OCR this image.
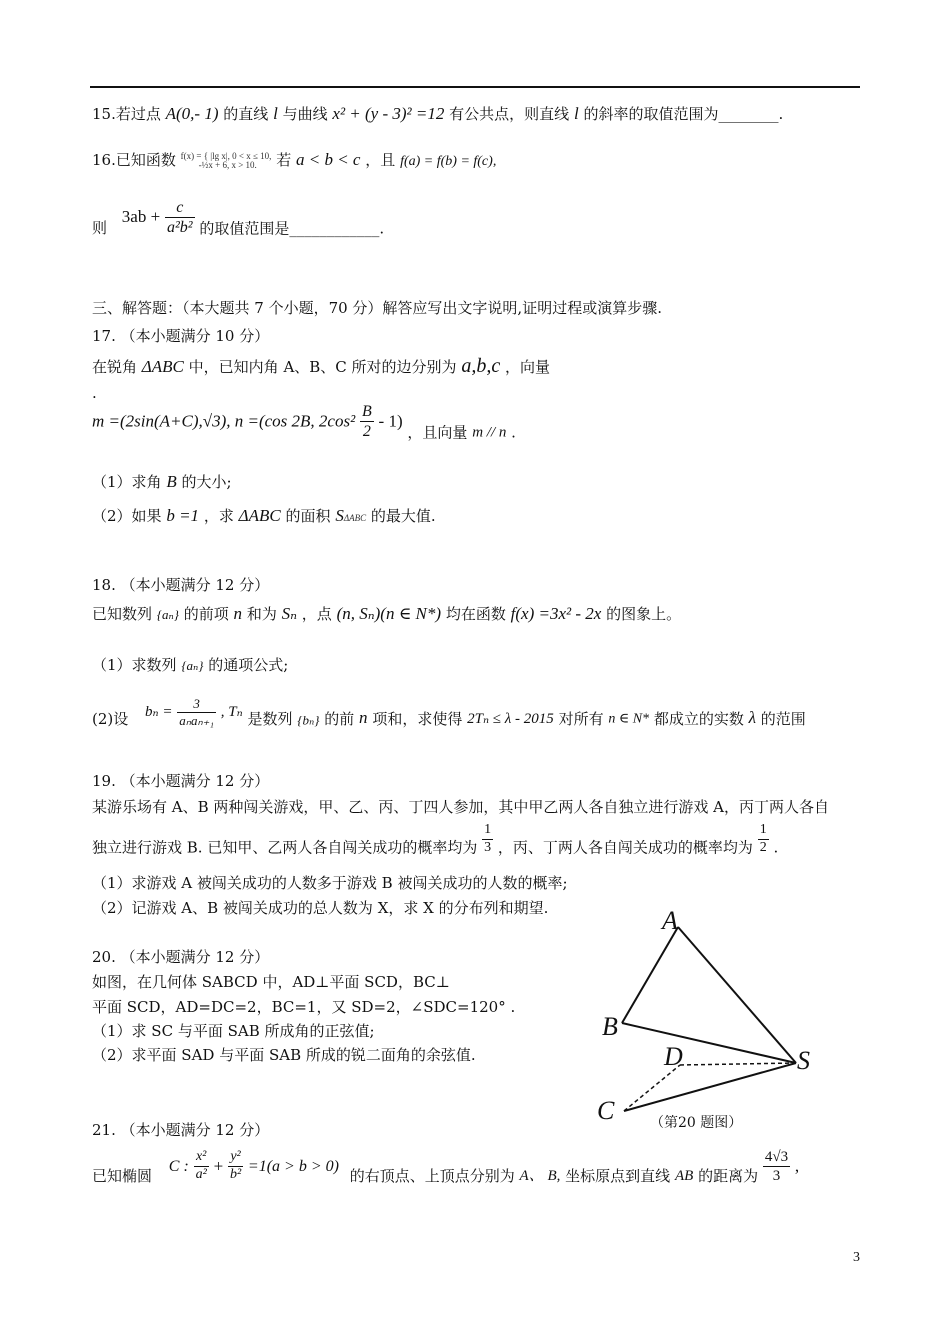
15.若过点 A(0,- 1) 的直线 l 与曲线 x² + (y - 3)² =12 有公共点，则直线 l 的斜率的取值范围为________.
16.已知函数 f(x) = { |lg x|, 0 < x ≤ 10,
-½x + 6, x > 10.	若 a < b < c ，且 f(a) = f(b) = f(c),
则 $3ab + \frac{c}{\text{a²b²}}$ 的取值范围是____________.
三、解答题：（本大题共 7 个小题，70 分）解答应写出文字说明,证明过程或演算步骤.
17. （本小题满分 10 分）
在锐角 ΔABC 中，已知内角 A、B、C 所对的边分别为 a,b,c ，向量
.
m =(2sin(A+C),√3), n =(cos 2B, $2\cos^2 \frac{B}{2} - 1$) ，且向量 m // n .
（1）求角 B 的大小;
（2）如果 b =1 ，求 ΔABC 的面积 SΔABC 的最大值.
18. （本小题满分 12 分）
已知数列 {aₙ} 的前项 n 和为 Sₙ ，点 (n, Sₙ)(n ∈ N*) 均在函数 f(x) =3x² - 2x 的图象上。
（1）求数列 {aₙ} 的通项公式;
(2)设 $b_n = \frac{3}{\text{aₙaₙ₊₁}}$ , Tₙ 是数列 {bₙ} 的前 n 项和，求使得 2Tₙ ≤ λ - 2015 对所有 n ∈ N* 都成立的实数 λ 的范围
19. （本小题满分 12 分）
某游乐场有 A、B 两种闯关游戏，甲、乙、丙、丁四人参加，其中甲乙两人各自独立进行游戏 A，丙丁两人各自
独立进行游戏 B. 已知甲、乙两人各自闯关成功的概率均为 $\frac{1}{3}$ ，丙、丁两人各自闯关成功的概率均为 $\frac{1}{2}$ .
（1）求游戏 A 被闯关成功的人数多于游戏 B 被闯关成功的人数的概率;
（2）记游戏 A、B 被闯关成功的总人数为 X，求 X 的分布列和期望.
20. （本小题满分 12 分）
如图，在几何体 SABCD 中，AD⊥平面 SCD，BC⊥
平面 SCD，AD=DC=2，BC=1，又 SD=2，∠SDC=120° .
（1）求 SC 与平面 SAB 所成角的正弦值;
（2）求平面 SAD 与平面 SAB 所成的锐二面角的余弦值.
A
B
D	S
C	（第20 题图）
21. （本小题满分 12 分）
已知椭圆 C : $\frac{\text{x²}}{\text{a²}} + \frac{\text{y²}}{\text{b²}} =1(a > b > 0)$ 的右顶点、上顶点分别为 A、 B, 坐标原点到直线 AB 的距离为 $\frac{4√3}{3}$ ,
3
